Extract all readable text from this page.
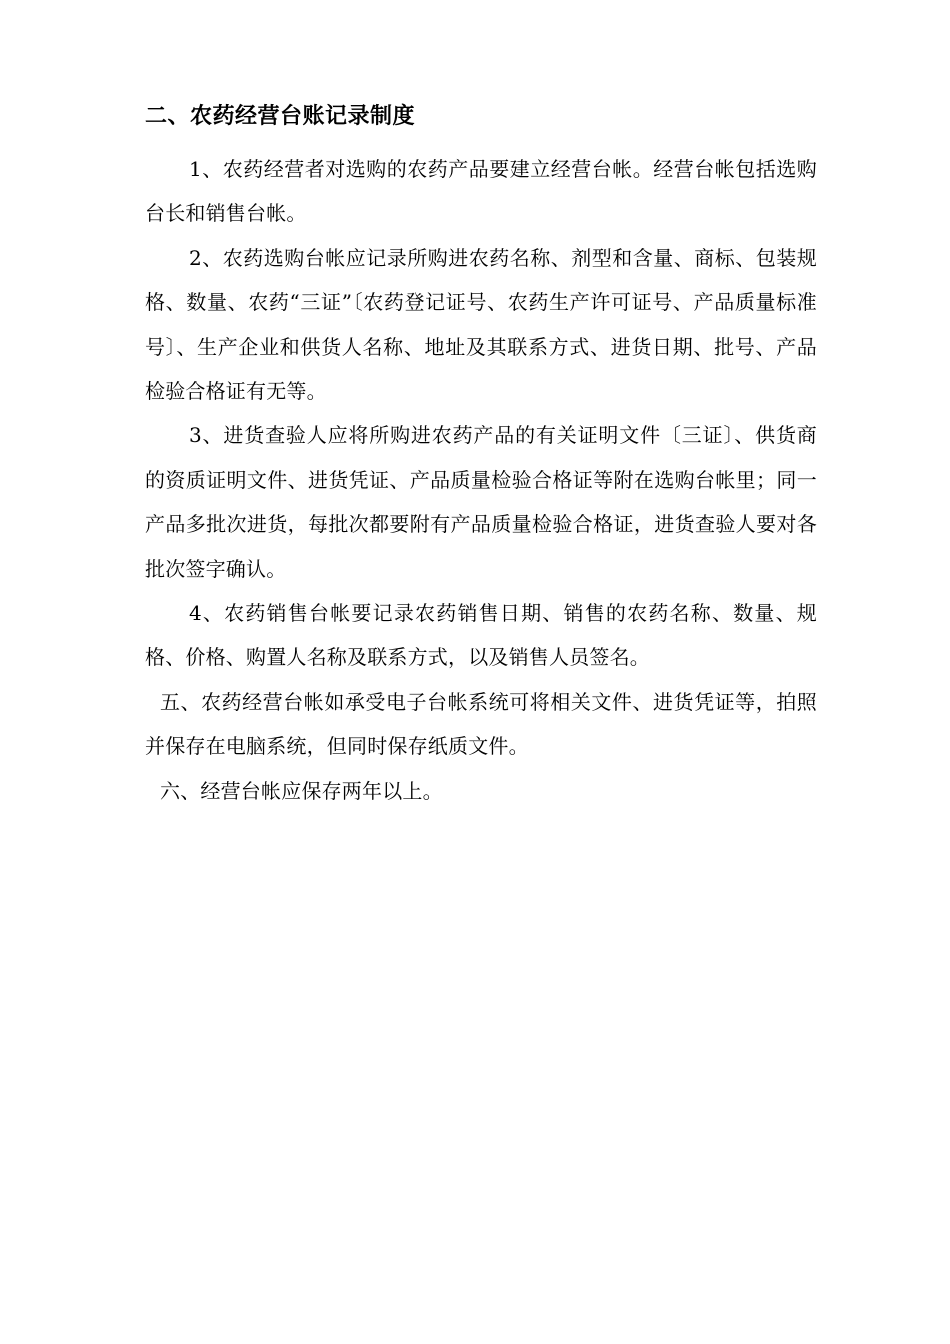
二、农药经营台账记录制度

1、农药经营者对选购的农药产品要建立经营台帐。经营台帐包括选购台长和销售台帐。

2、农药选购台帐应记录所购进农药名称、剂型和含量、商标、包装规格、数量、农药“三证”〔农药登记证号、农药生产许可证号、产品质量标准号〕、生产企业和供货人名称、地址及其联系方式、进货日期、批号、产品检验合格证有无等。

3、进货查验人应将所购进农药产品的有关证明文件〔三证〕、供货商的资质证明文件、进货凭证、产品质量检验合格证等附在选购台帐里；同一产品多批次进货，每批次都要附有产品质量检验合格证，进货查验人要对各批次签字确认。

4、农药销售台帐要记录农药销售日期、销售的农药名称、数量、规格、价格、购置人名称及联系方式，以及销售人员签名。

五、农药经营台帐如承受电子台帐系统可将相关文件、进货凭证等，拍照并保存在电脑系统，但同时保存纸质文件。

六、经营台帐应保存两年以上。
